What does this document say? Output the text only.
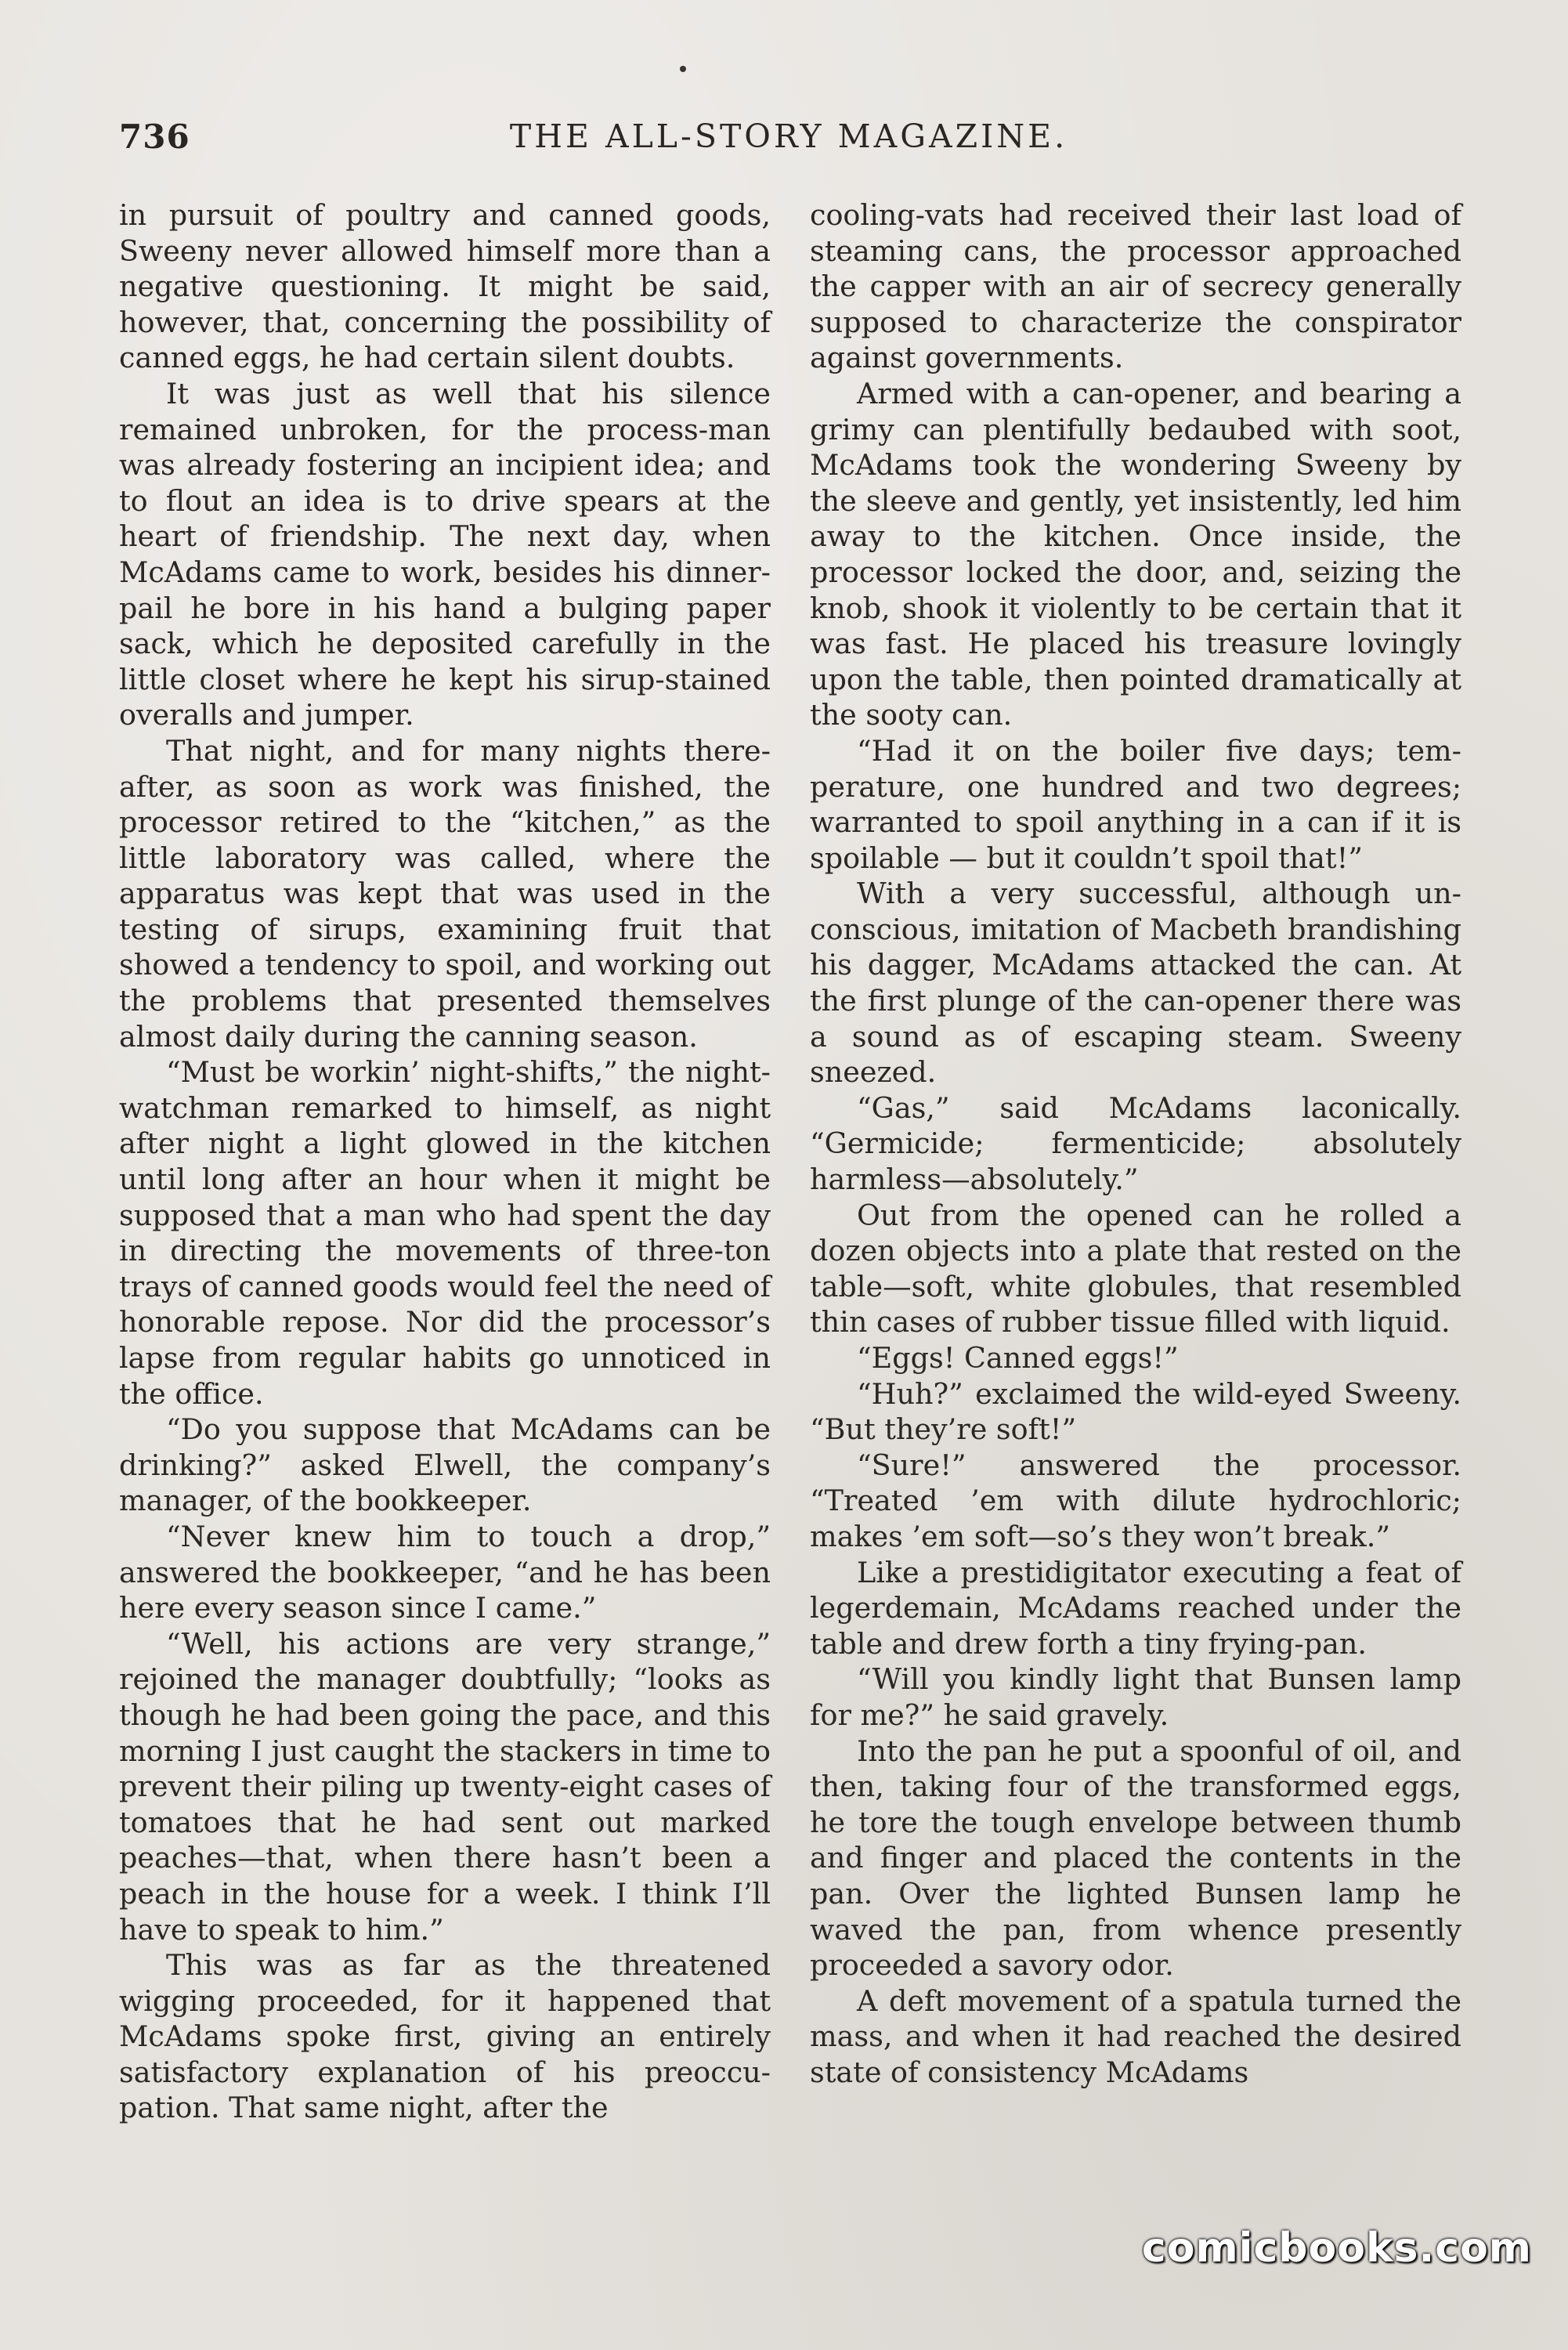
736	THE ALL-STORY MAGAZINE.

in pursuit of poultry and canned goods, Sweeny never allowed himself more than a negative questioning. It might be said, however, that, concerning the possibility of canned eggs, he had certain silent doubts.

It was just as well that his silence remained unbroken, for the process-man was already fostering an incipient idea; and to flout an idea is to drive spears at the heart of friendship. The next day, when McAdams came to work, besides his dinner-pail he bore in his hand a bulging paper sack, which he deposited carefully in the little closet where he kept his sirup-stained overalls and jumper.

That night, and for many nights thereafter, as soon as work was finished, the processor retired to the “kitchen,” as the little laboratory was called, where the apparatus was kept that was used in the testing of sirups, examining fruit that showed a tendency to spoil, and working out the problems that presented themselves almost daily during the canning season.

“Must be workin’ night-shifts,” the night-watchman remarked to himself, as night after night a light glowed in the kitchen until long after an hour when it might be supposed that a man who had spent the day in directing the movements of three-ton trays of canned goods would feel the need of honorable repose. Nor did the processor’s lapse from regular habits go unnoticed in the office.

“Do you suppose that McAdams can be drinking?” asked Elwell, the company’s manager, of the bookkeeper.

“Never knew him to touch a drop,” answered the bookkeeper, “and he has been here every season since I came.”

“Well, his actions are very strange,” rejoined the manager doubtfully; “looks as though he had been going the pace, and this morning I just caught the stackers in time to prevent their piling up twenty-eight cases of tomatoes that he had sent out marked peaches—that, when there hasn’t been a peach in the house for a week. I think I’ll have to speak to him.”

This was as far as the threatened wigging proceeded, for it happened that McAdams spoke first, giving an entirely satisfactory explanation of his preoccupation. That same night, after the

cooling-vats had received their last load of steaming cans, the processor approached the capper with an air of secrecy generally supposed to characterize the conspirator against governments.

Armed with a can-opener, and bearing a grimy can plentifully bedaubed with soot, McAdams took the wondering Sweeny by the sleeve and gently, yet insistently, led him away to the kitchen. Once inside, the processor locked the door, and, seizing the knob, shook it violently to be certain that it was fast. He placed his treasure lovingly upon the table, then pointed dramatically at the sooty can.

“Had it on the boiler five days; temperature, one hundred and two degrees; warranted to spoil anything in a can if it is spoilable — but it couldn’t spoil that!”

With a very successful, although unconscious, imitation of Macbeth brandishing his dagger, McAdams attacked the can. At the first plunge of the can-opener there was a sound as of escaping steam. Sweeny sneezed.

“Gas,” said McAdams laconically. “Germicide; fermenticide; absolutely harmless—absolutely.”

Out from the opened can he rolled a dozen objects into a plate that rested on the table—soft, white globules, that resembled thin cases of rubber tissue filled with liquid.

“Eggs! Canned eggs!”

“Huh?” exclaimed the wild-eyed Sweeny. “But they’re soft!”

“Sure!” answered the processor. “Treated ’em with dilute hydrochloric; makes ’em soft—so’s they won’t break.”

Like a prestidigitator executing a feat of legerdemain, McAdams reached under the table and drew forth a tiny frying-pan.

“Will you kindly light that Bunsen lamp for me?” he said gravely.

Into the pan he put a spoonful of oil, and then, taking four of the transformed eggs, he tore the tough envelope between thumb and finger and placed the contents in the pan. Over the lighted Bunsen lamp he waved the pan, from whence presently proceeded a savory odor.

A deft movement of a spatula turned the mass, and when it had reached the desired state of consistency McAdams

comicbooks.com
